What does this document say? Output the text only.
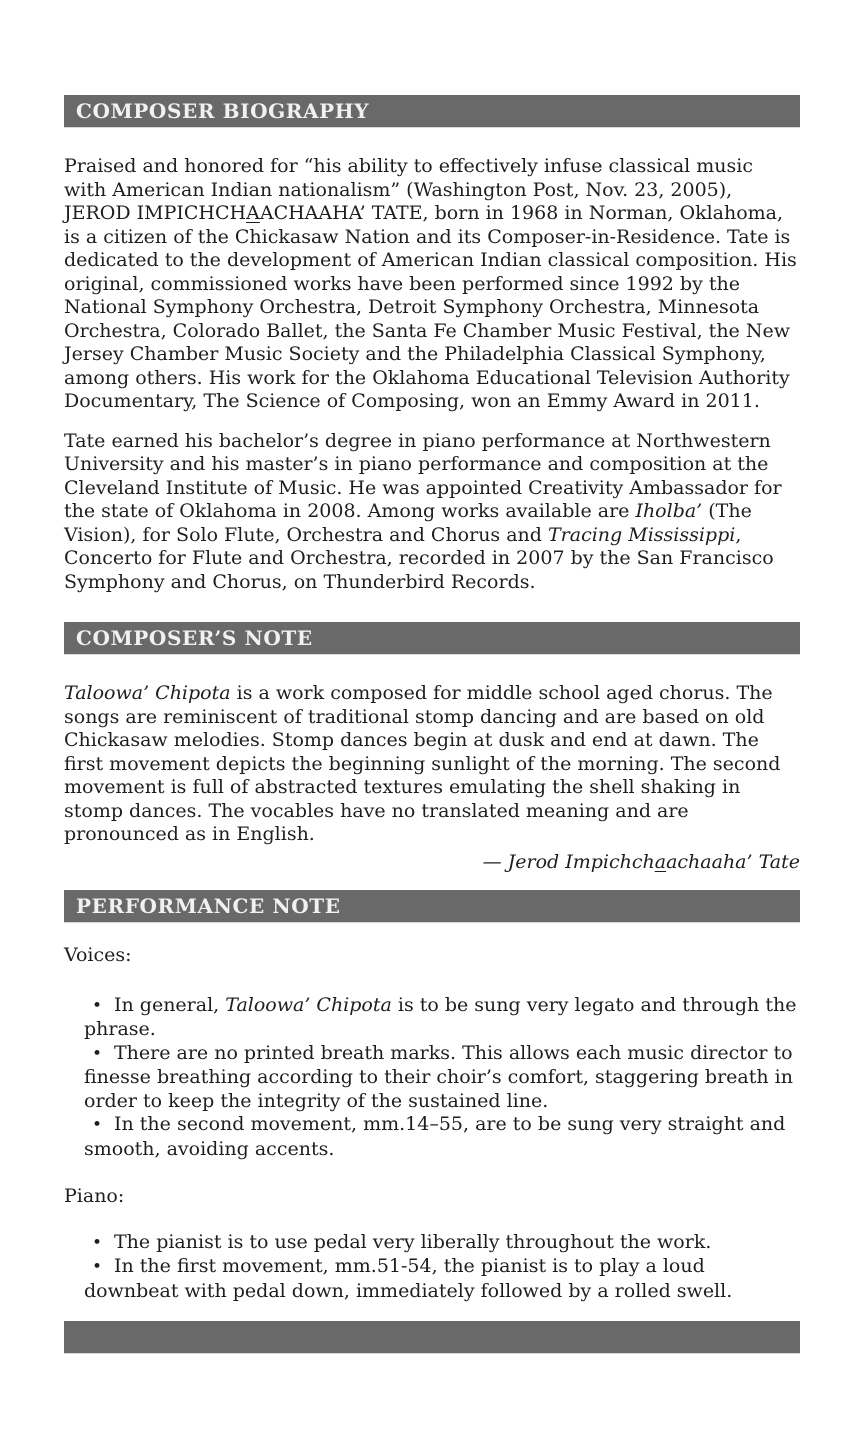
COMPOSER BIOGRAPHY

Praised and honored for “his ability to effectively infuse classical music with American Indian nationalism” (Washington Post, Nov. 23, 2005), JEROD IMPICHCHAACHAAHA’ TATE, born in 1968 in Norman, Oklahoma, is a citizen of the Chickasaw Nation and its Composer-in-Residence. Tate is dedicated to the development of American Indian classical composition. His original, commissioned works have been performed since 1992 by the National Symphony Orchestra, Detroit Symphony Orchestra, Minnesota Orchestra, Colorado Ballet, the Santa Fe Chamber Music Festival, the New Jersey Chamber Music Society and the Philadelphia Classical Symphony, among others. His work for the Oklahoma Educational Television Authority Documentary, The Science of Composing, won an Emmy Award in 2011.

Tate earned his bachelor’s degree in piano performance at Northwestern University and his master’s in piano performance and composition at the Cleveland Institute of Music. He was appointed Creativity Ambassador for the state of Oklahoma in 2008. Among works available are Iholba’ (The Vision), for Solo Flute, Orchestra and Chorus and Tracing Mississippi, Concerto for Flute and Orchestra, recorded in 2007 by the San Francisco Symphony and Chorus, on Thunderbird Records.

COMPOSER’S NOTE

Taloowa’ Chipota is a work composed for middle school aged chorus. The songs are reminiscent of traditional stomp dancing and are based on old Chickasaw melodies. Stomp dances begin at dusk and end at dawn. The first movement depicts the beginning sunlight of the morning. The second movement is full of abstracted textures emulating the shell shaking in stomp dances. The vocables have no translated meaning and are pronounced as in English.

— Jerod Impichchaachaaha’ Tate
PERFORMANCE NOTE
Voices:
• In general, Taloowa’ Chipota is to be sung very legato and through the phrase.
• There are no printed breath marks. This allows each music director to finesse breathing according to their choir’s comfort, staggering breath in order to keep the integrity of the sustained line.
• In the second movement, mm.14–55, are to be sung very straight and smooth, avoiding accents.
Piano:
• The pianist is to use pedal very liberally throughout the work.
• In the first movement, mm.51-54, the pianist is to play a loud downbeat with pedal down, immediately followed by a rolled swell.
